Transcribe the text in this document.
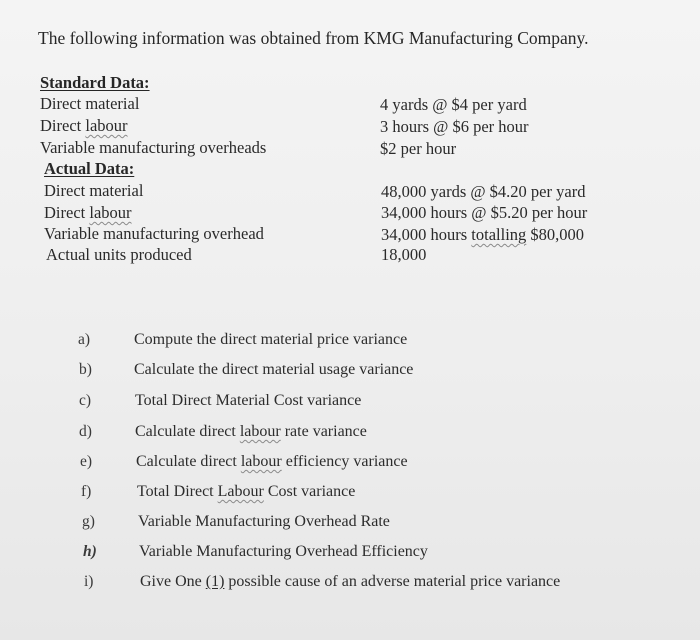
The following information was obtained from KMG Manufacturing Company.
Standard Data:
Direct material	4 yards @ $4 per yard
Direct labour	3 hours @ $6 per hour
Variable manufacturing overheads	$2 per hour
Actual Data:
Direct material	48,000 yards @ $4.20 per yard
Direct labour	34,000 hours @ $5.20 per hour
Variable manufacturing overhead	34,000 hours totalling $80,000
Actual units produced	18,000
a)	Compute the direct material price variance
b)	Calculate the direct material usage variance
c)	Total Direct Material Cost variance
d)	Calculate direct labour rate variance
e)	Calculate direct labour efficiency variance
f)	Total Direct Labour Cost variance
g)	Variable Manufacturing Overhead Rate
h)	Variable Manufacturing Overhead Efficiency
i)	Give One (1) possible cause of an adverse material price variance
